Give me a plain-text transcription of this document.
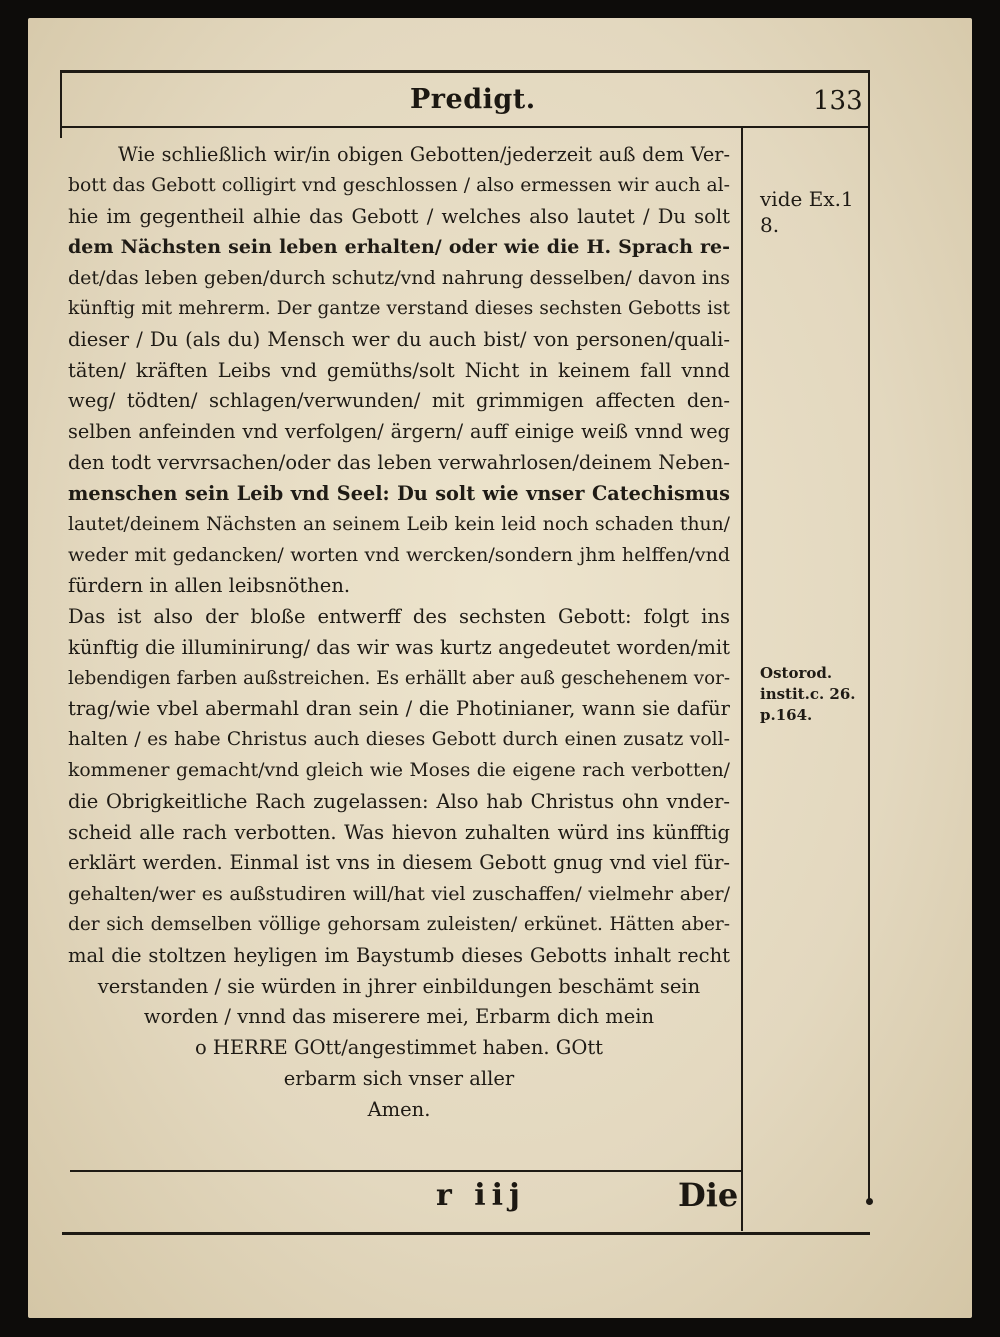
Predigt.	133
Wie schließlich wir/in obigen Gebotten/jederzeit auß dem Ver-
bott das Gebott colligirt vnd geschlossen / also ermessen wir auch al-
hie im gegentheil alhie das Gebott / welches also lautet / Du solt
dem Nächsten sein leben erhalten/ oder wie die H. Sprach re-
det/das leben geben/durch schutz/vnd nahrung desselben/ davon ins
künftig mit mehrerm. Der gantze verstand dieses sechsten Gebotts ist
dieser / Du (als du) Mensch wer du auch bist/ von personen/quali-
täten/ kräften Leibs vnd gemüths/solt Nicht in keinem fall vnnd
weg/ tödten/ schlagen/verwunden/ mit grimmigen affecten den-
selben anfeinden vnd verfolgen/ ärgern/ auff einige weiß vnnd weg
den todt vervrsachen/oder das leben verwahrlosen/deinem Neben-
menschen sein Leib vnd Seel: Du solt wie vnser Catechismus
lautet/deinem Nächsten an seinem Leib kein leid noch schaden thun/
weder mit gedancken/ worten vnd wercken/sondern jhm helffen/vnd
fürdern in allen leibsnöthen.
Das ist also der bloße entwerff des sechsten Gebott: folgt ins
künftig die illuminirung/ das wir was kurtz angedeutet worden/mit
lebendigen farben außstreichen. Es erhällt aber auß geschehenem vor-
trag/wie vbel abermahl dran sein / die Photinianer, wann sie dafür
halten / es habe Christus auch dieses Gebott durch einen zusatz voll-
kommener gemacht/vnd gleich wie Moses die eigene rach verbotten/
die Obrigkeitliche Rach zugelassen: Also hab Christus ohn vnder-
scheid alle rach verbotten. Was hievon zuhalten würd ins künfftig
erklärt werden. Einmal ist vns in diesem Gebott gnug vnd viel für-
gehalten/wer es außstudiren will/hat viel zuschaffen/ vielmehr aber/
der sich demselben völlige gehorsam zuleisten/ erkünet. Hätten aber-
mal die stoltzen heyligen im Baystumb dieses Gebotts inhalt recht
verstanden / sie würden in jhrer einbildungen beschämt sein
worden / vnnd das miserere mei, Erbarm dich mein
o HERRE GOtt/angestimmet haben. GOtt
erbarm sich vnser aller
Amen.
vide Ex.1
8.
Ostorod.
instit.c. 26.
p.164.
r iij	Die
